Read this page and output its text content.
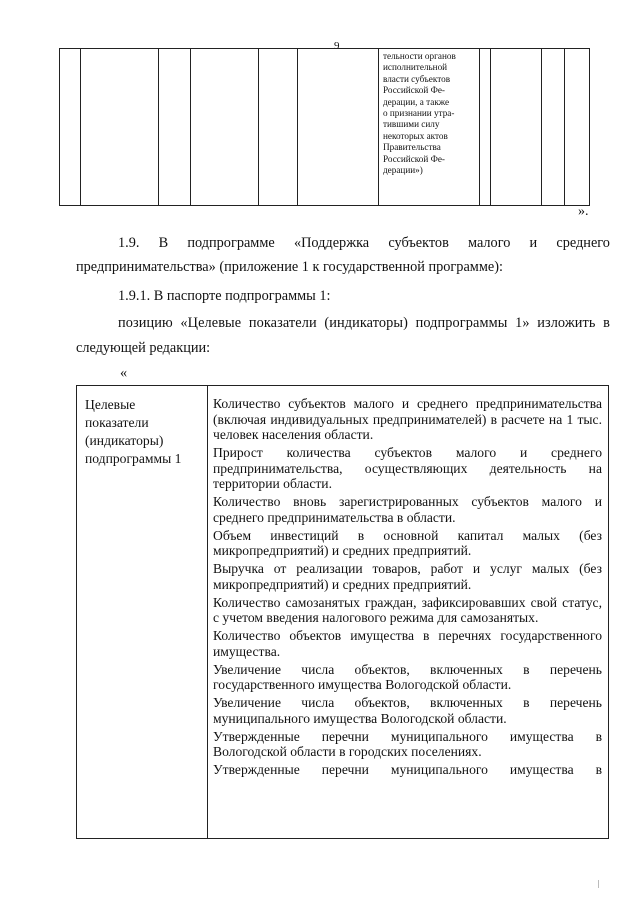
9
тельности органов
исполнительной
власти субъектов
Российской Фе-
дерации, а также
о признании утра-
тившими силу
некоторых актов
Правительства
Российской Фе-
дерации»)
».
1.9. В подпрограмме «Поддержка субъектов малого и среднего
предпринимательства» (приложение 1 к государственной программе):
1.9.1. В паспорте подпрограммы 1:
позицию «Целевые показатели (индикаторы) подпрограммы 1» изложить в
следующей редакции:
«
Целевые
показатели
(индикаторы)
подпрограммы 1

Количество субъектов малого и среднего предпринимательства (включая индивидуальных предпринимателей) в расчете на 1 тыс. человек населения области.

Прирост количества субъектов малого и среднего предпринимательства, осуществляющих деятельность на территории области.

Количество вновь зарегистрированных субъектов малого и среднего предпринимательства в области.

Объем инвестиций в основной капитал малых (без микропредприятий) и средних предприятий.

Выручка от реализации товаров, работ и услуг малых (без микропредприятий) и средних предприятий.

Количество самозанятых граждан, зафиксировавших свой статус, с учетом введения налогового режима для самозанятых.

Количество объектов имущества в перечнях государственного имущества.

Увеличение числа объектов, включенных в перечень государственного имущества Вологодской области.

Увеличение числа объектов, включенных в перечень муниципального имущества Вологодской области.

Утвержденные перечни муниципального имущества в Вологодской области в городских поселениях.

Утвержденные перечни муниципального имущества в
